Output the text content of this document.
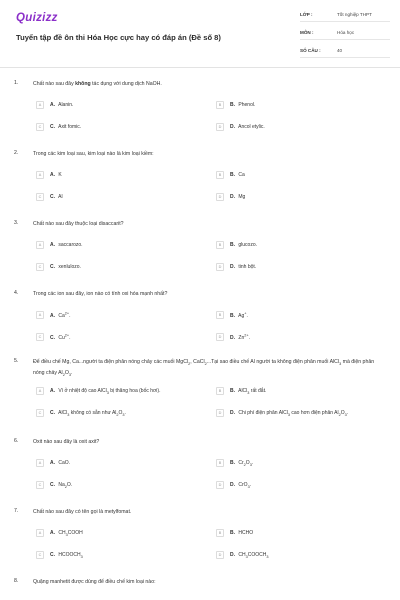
Quizizz
Tuyển tập đề ôn thi Hóa Học cực hay có đáp án (Đề số 8)
LỚP :	Tốt nghiệp THPT
MÔN :	Hóa học
SỐ CÂU :	40
1.	Chất nào sau đây không tác dụng với dung dịch NaOH.
A	A. Alanin.	B	B. Phenol.
C	C. Axit fomic.	D	D. Ancol etylic.
2.	Trong các kim loại sau, kim loại nào là kim loại kiềm:
A	A. K	B	B. Ca
C	C. Al	D	D. Mg
3.	Chất nào sau đây thuộc loại disaccarit?
A	A. saccarozo.	B	B. glucozo.
C	C. xenlulozo.	D	D. tinh bột.
4.	Trong các ion sau đây, ion nào có tính oxi hóa mạnh nhất?
A	A. $Ca^{2+}$.	B	B. Ag+.
C	C. $Cu^{2+}$.	D	D. $Zn^{2+}$.
5.	Để điều chế Mg, Ca...người ta điện phân nóng chảy các muối MgCl$_2$, CaCl$_2$...Tại sao điều chế Al người ta không điện phân muối AlCl$_3$ mà điện phân nóng chảy $Al_2O_3$.
A	A. Vì ở nhiệt độ cao AlCl$_3$ bị thăng hoa (bốc hơi).	B	B. AlCl$_3$ rất đắt.
C	C. AlCl$_3$ không có sẵn như $Al_2O_3$.	D	D. Chi phí điện phân AlCl$_3$ cao hơn điện phân $Al_2O_3$.
6.	Oxit nào sau đây là oxit axit?
A	A. CaO.	B	B. $Cr_2O_3$.
C	C. $Na_2O$.	D	D. CrO$_3$.
7.	Chất nào sau đây có tên gọi là metylfomat.
A	A. $CH_3COOH$	B	B. HCHO
C	C. $HCOOCH_3$	D	D. $CH_3COOCH_3$
8.	Quặng manhetit được dùng để điều chế kim loại nào:
